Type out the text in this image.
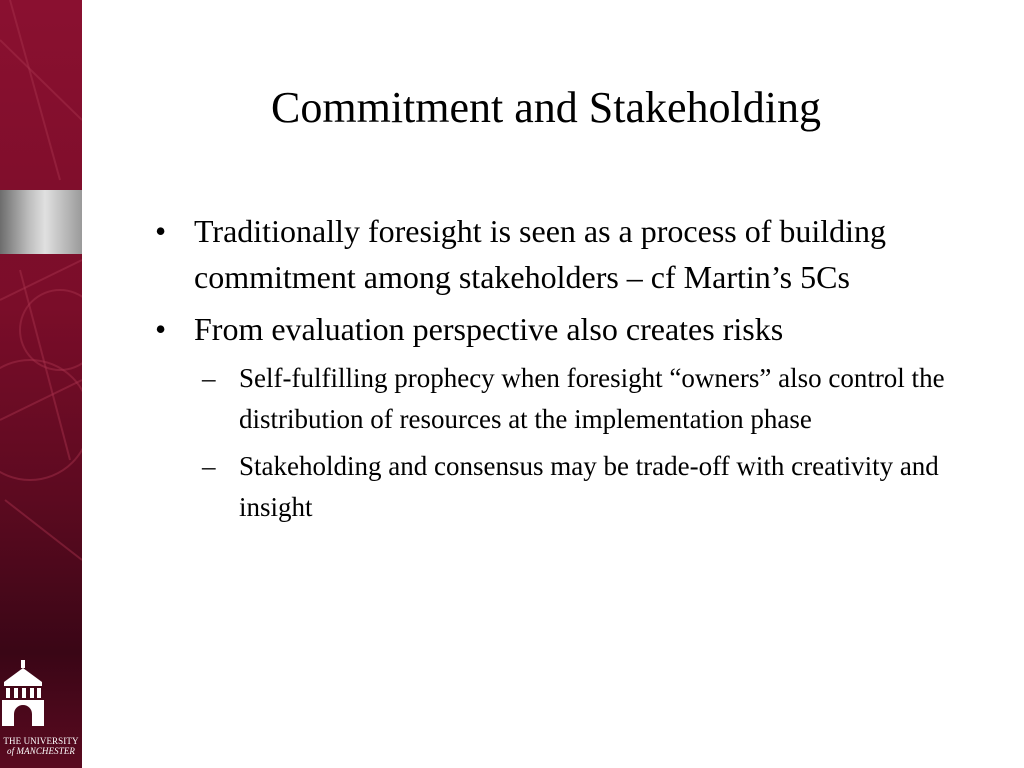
THE UNIVERSITY
of MANCHESTER
Commitment and Stakeholding
• Traditionally foresight is seen as a process of building commitment among stakeholders – cf Martin’s 5Cs
• From evaluation perspective also creates risks
– Self-fulfilling prophecy when foresight “owners” also control the distribution of resources at the implementation phase
– Stakeholding and consensus may be trade-off with creativity and insight
